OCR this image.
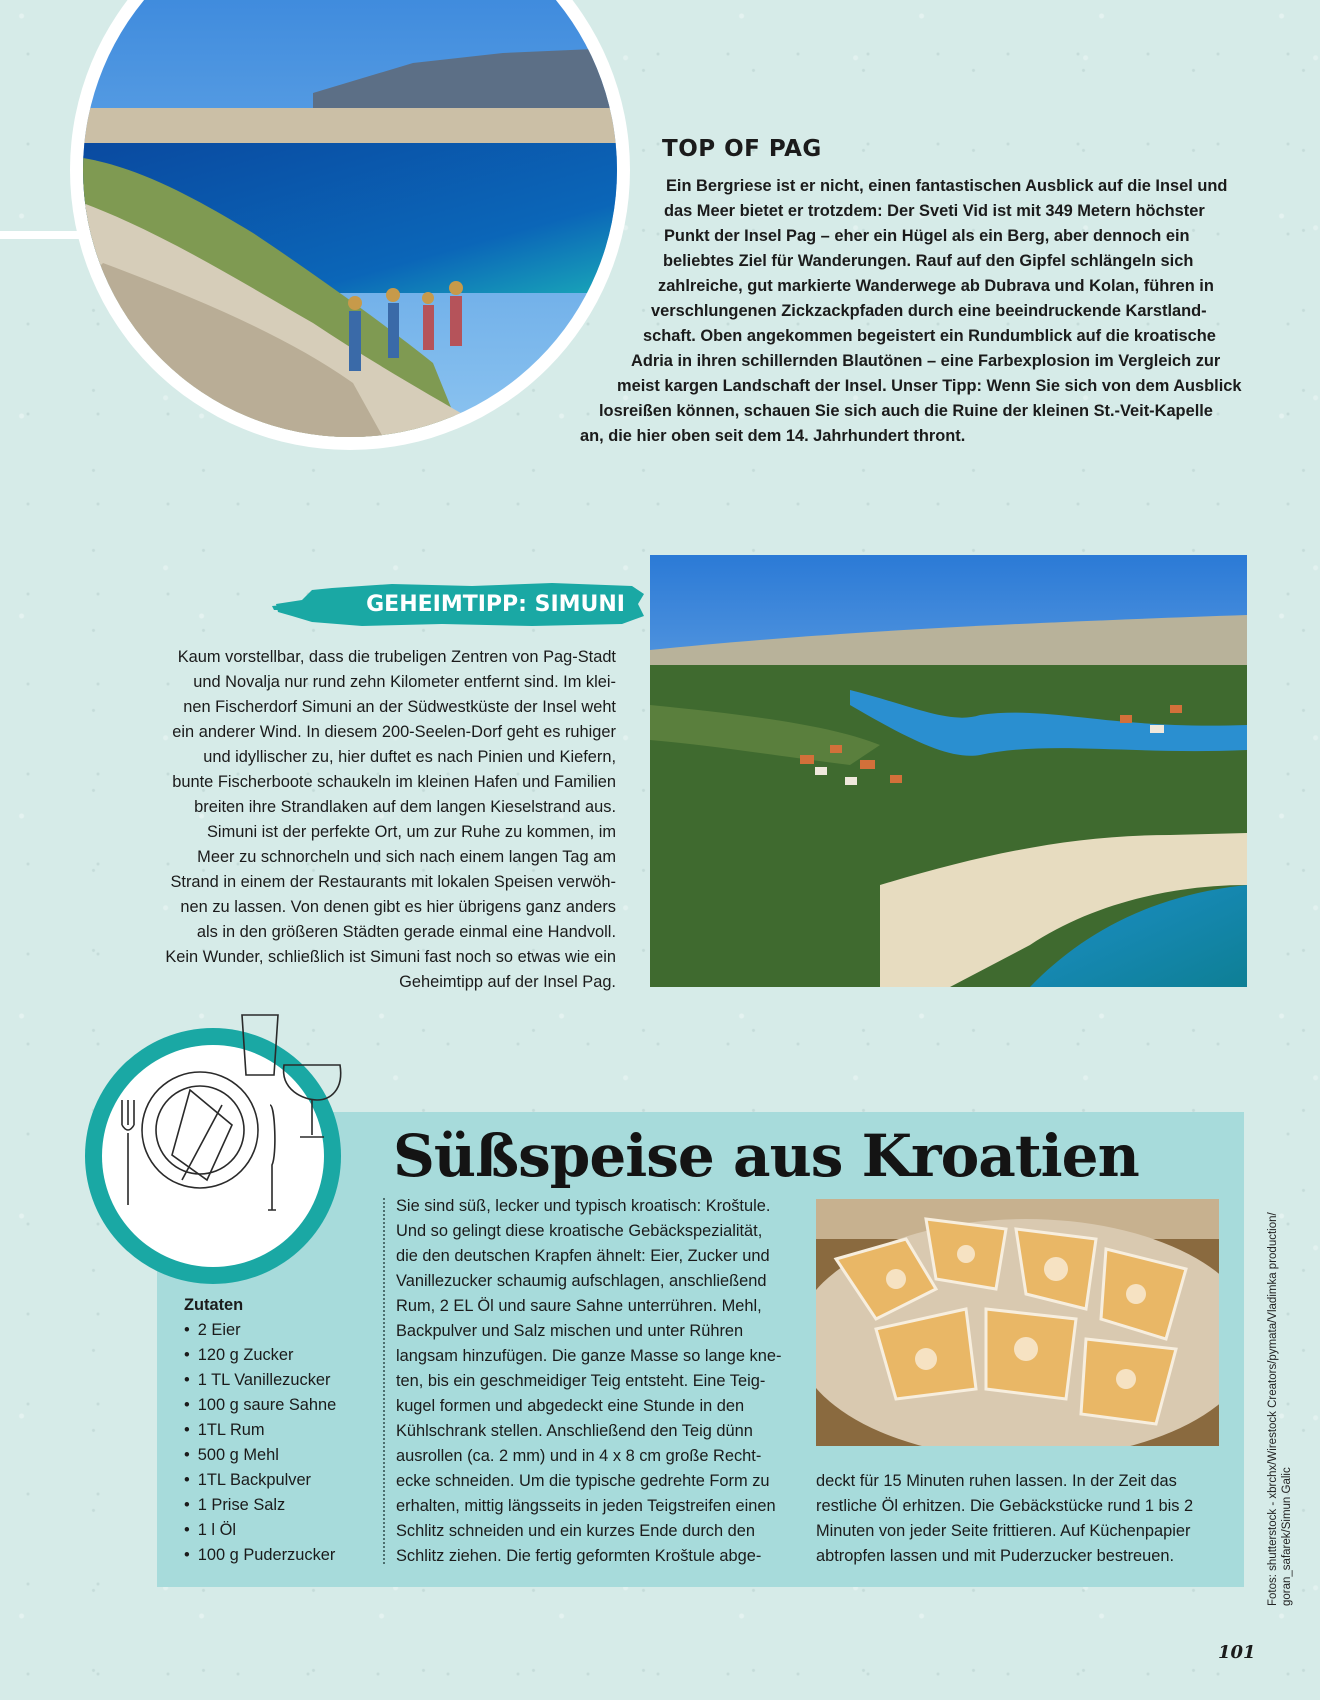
TOP OF PAG
Ein Bergriese ist er nicht, einen fantastischen Ausblick auf die Insel und
das Meer bietet er trotzdem: Der Sveti Vid ist mit 349 Metern höchster
Punkt der Insel Pag – eher ein Hügel als ein Berg, aber dennoch ein
beliebtes Ziel für Wanderungen. Rauf auf den Gipfel schlängeln sich
zahlreiche, gut markierte Wanderwege ab Dubrava und Kolan, führen in
verschlungenen Zickzackpfaden durch eine beeindruckende Karstland-
schaft. Oben angekommen begeistert ein Rundumblick auf die kroatische
Adria in ihren schillernden Blautönen – eine Farbexplosion im Vergleich zur
meist kargen Landschaft der Insel. Unser Tipp: Wenn Sie sich von dem Ausblick
losreißen können, schauen Sie sich auch die Ruine der kleinen St.-Veit-Kapelle
an, die hier oben seit dem 14. Jahrhundert thront.
GEHEIMTIPP: SIMUNI
Kaum vorstellbar, dass die trubeligen Zentren von Pag-Stadt
und Novalja nur rund zehn Kilometer entfernt sind. Im klei-
nen Fischerdorf Simuni an der Südwestküste der Insel weht
ein anderer Wind. In diesem 200-Seelen-Dorf geht es ruhiger
und idyllischer zu, hier duftet es nach Pinien und Kiefern,
bunte Fischerboote schaukeln im kleinen Hafen und Familien
breiten ihre Strandlaken auf dem langen Kieselstrand aus.
Simuni ist der perfekte Ort, um zur Ruhe zu kommen, im
Meer zu schnorcheln und sich nach einem langen Tag am
Strand in einem der Restaurants mit lokalen Speisen verwöh-
nen zu lassen. Von denen gibt es hier übrigens ganz anders
als in den größeren Städten gerade einmal eine Handvoll.
Kein Wunder, schließlich ist Simuni fast noch so etwas wie ein
Geheimtipp auf der Insel Pag.
Süßspeise aus Kroatien
Zutaten
• 2 Eier
• 120 g Zucker
• 1 TL Vanillezucker
• 100 g saure Sahne
• 1TL Rum
• 500 g Mehl
• 1TL Backpulver
• 1 Prise Salz
• 1 l Öl
• 100 g Puderzucker
Sie sind süß, lecker und typisch kroatisch: Kroštule.
Und so gelingt diese kroatische Gebäckspezialität,
die den deutschen Krapfen ähnelt: Eier, Zucker und
Vanillezucker schaumig aufschlagen, anschließend
Rum, 2 EL Öl und saure Sahne unterrühren. Mehl,
Backpulver und Salz mischen und unter Rühren
langsam hinzufügen. Die ganze Masse so lange kne-
ten, bis ein geschmeidiger Teig entsteht. Eine Teig-
kugel formen und abgedeckt eine Stunde in den
Kühlschrank stellen. Anschließend den Teig dünn
ausrollen (ca. 2 mm) und in 4 x 8 cm große Recht-
ecke schneiden. Um die typische gedrehte Form zu
erhalten, mittig längsseits in jeden Teigstreifen einen
Schlitz schneiden und ein kurzes Ende durch den
Schlitz ziehen. Die fertig geformten Kroštule abge-
deckt für 15 Minuten ruhen lassen. In der Zeit das
restliche Öl erhitzen. Die Gebäckstücke rund 1 bis 2
Minuten von jeder Seite frittieren. Auf Küchenpapier
abtropfen lassen und mit Puderzucker bestreuen.	Fotos: shutterstock - xbrchx/Wirestock Creators/pymata/Vladimka production/ goran_safarek/Simun Galic
101
